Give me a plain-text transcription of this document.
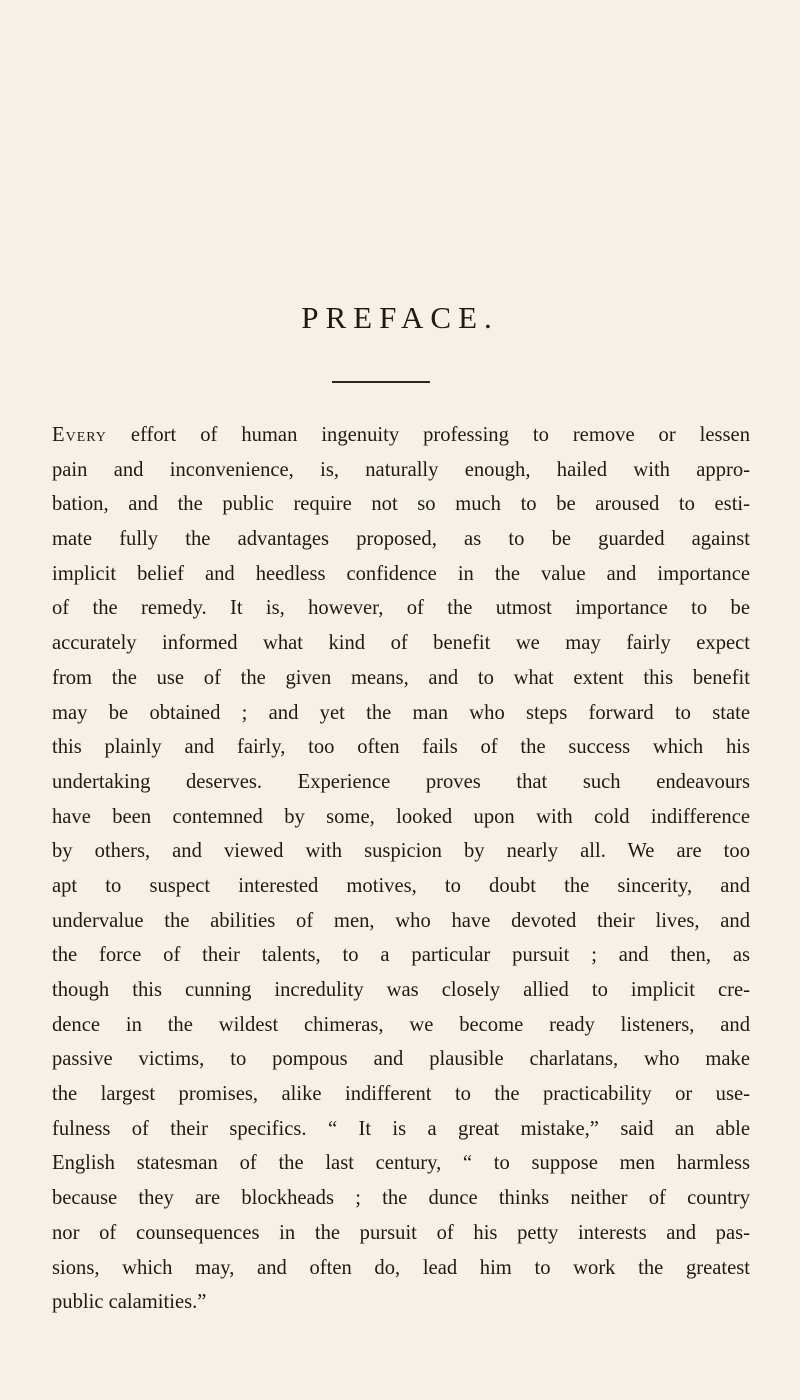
PREFACE.
Every effort of human ingenuity professing to remove or lessen
pain and inconvenience, is, naturally enough, hailed with appro-
bation, and the public require not so much to be aroused to esti-
mate fully the advantages proposed, as to be guarded against
implicit belief and heedless confidence in the value and importance
of the remedy. It is, however, of the utmost importance to be
accurately informed what kind of benefit we may fairly expect
from the use of the given means, and to what extent this benefit
may be obtained ; and yet the man who steps forward to state
this plainly and fairly, too often fails of the success which his
undertaking deserves. Experience proves that such endeavours
have been contemned by some, looked upon with cold indifference
by others, and viewed with suspicion by nearly all. We are too
apt to suspect interested motives, to doubt the sincerity, and
undervalue the abilities of men, who have devoted their lives, and
the force of their talents, to a particular pursuit ; and then, as
though this cunning incredulity was closely allied to implicit cre-
dence in the wildest chimeras, we become ready listeners, and
passive victims, to pompous and plausible charlatans, who make
the largest promises, alike indifferent to the practicability or use-
fulness of their specifics. “ It is a great mistake,” said an able
English statesman of the last century, “ to suppose men harmless
because they are blockheads ; the dunce thinks neither of country
nor of counsequences in the pursuit of his petty interests and pas-
sions, which may, and often do, lead him to work the greatest
public calamities.”
